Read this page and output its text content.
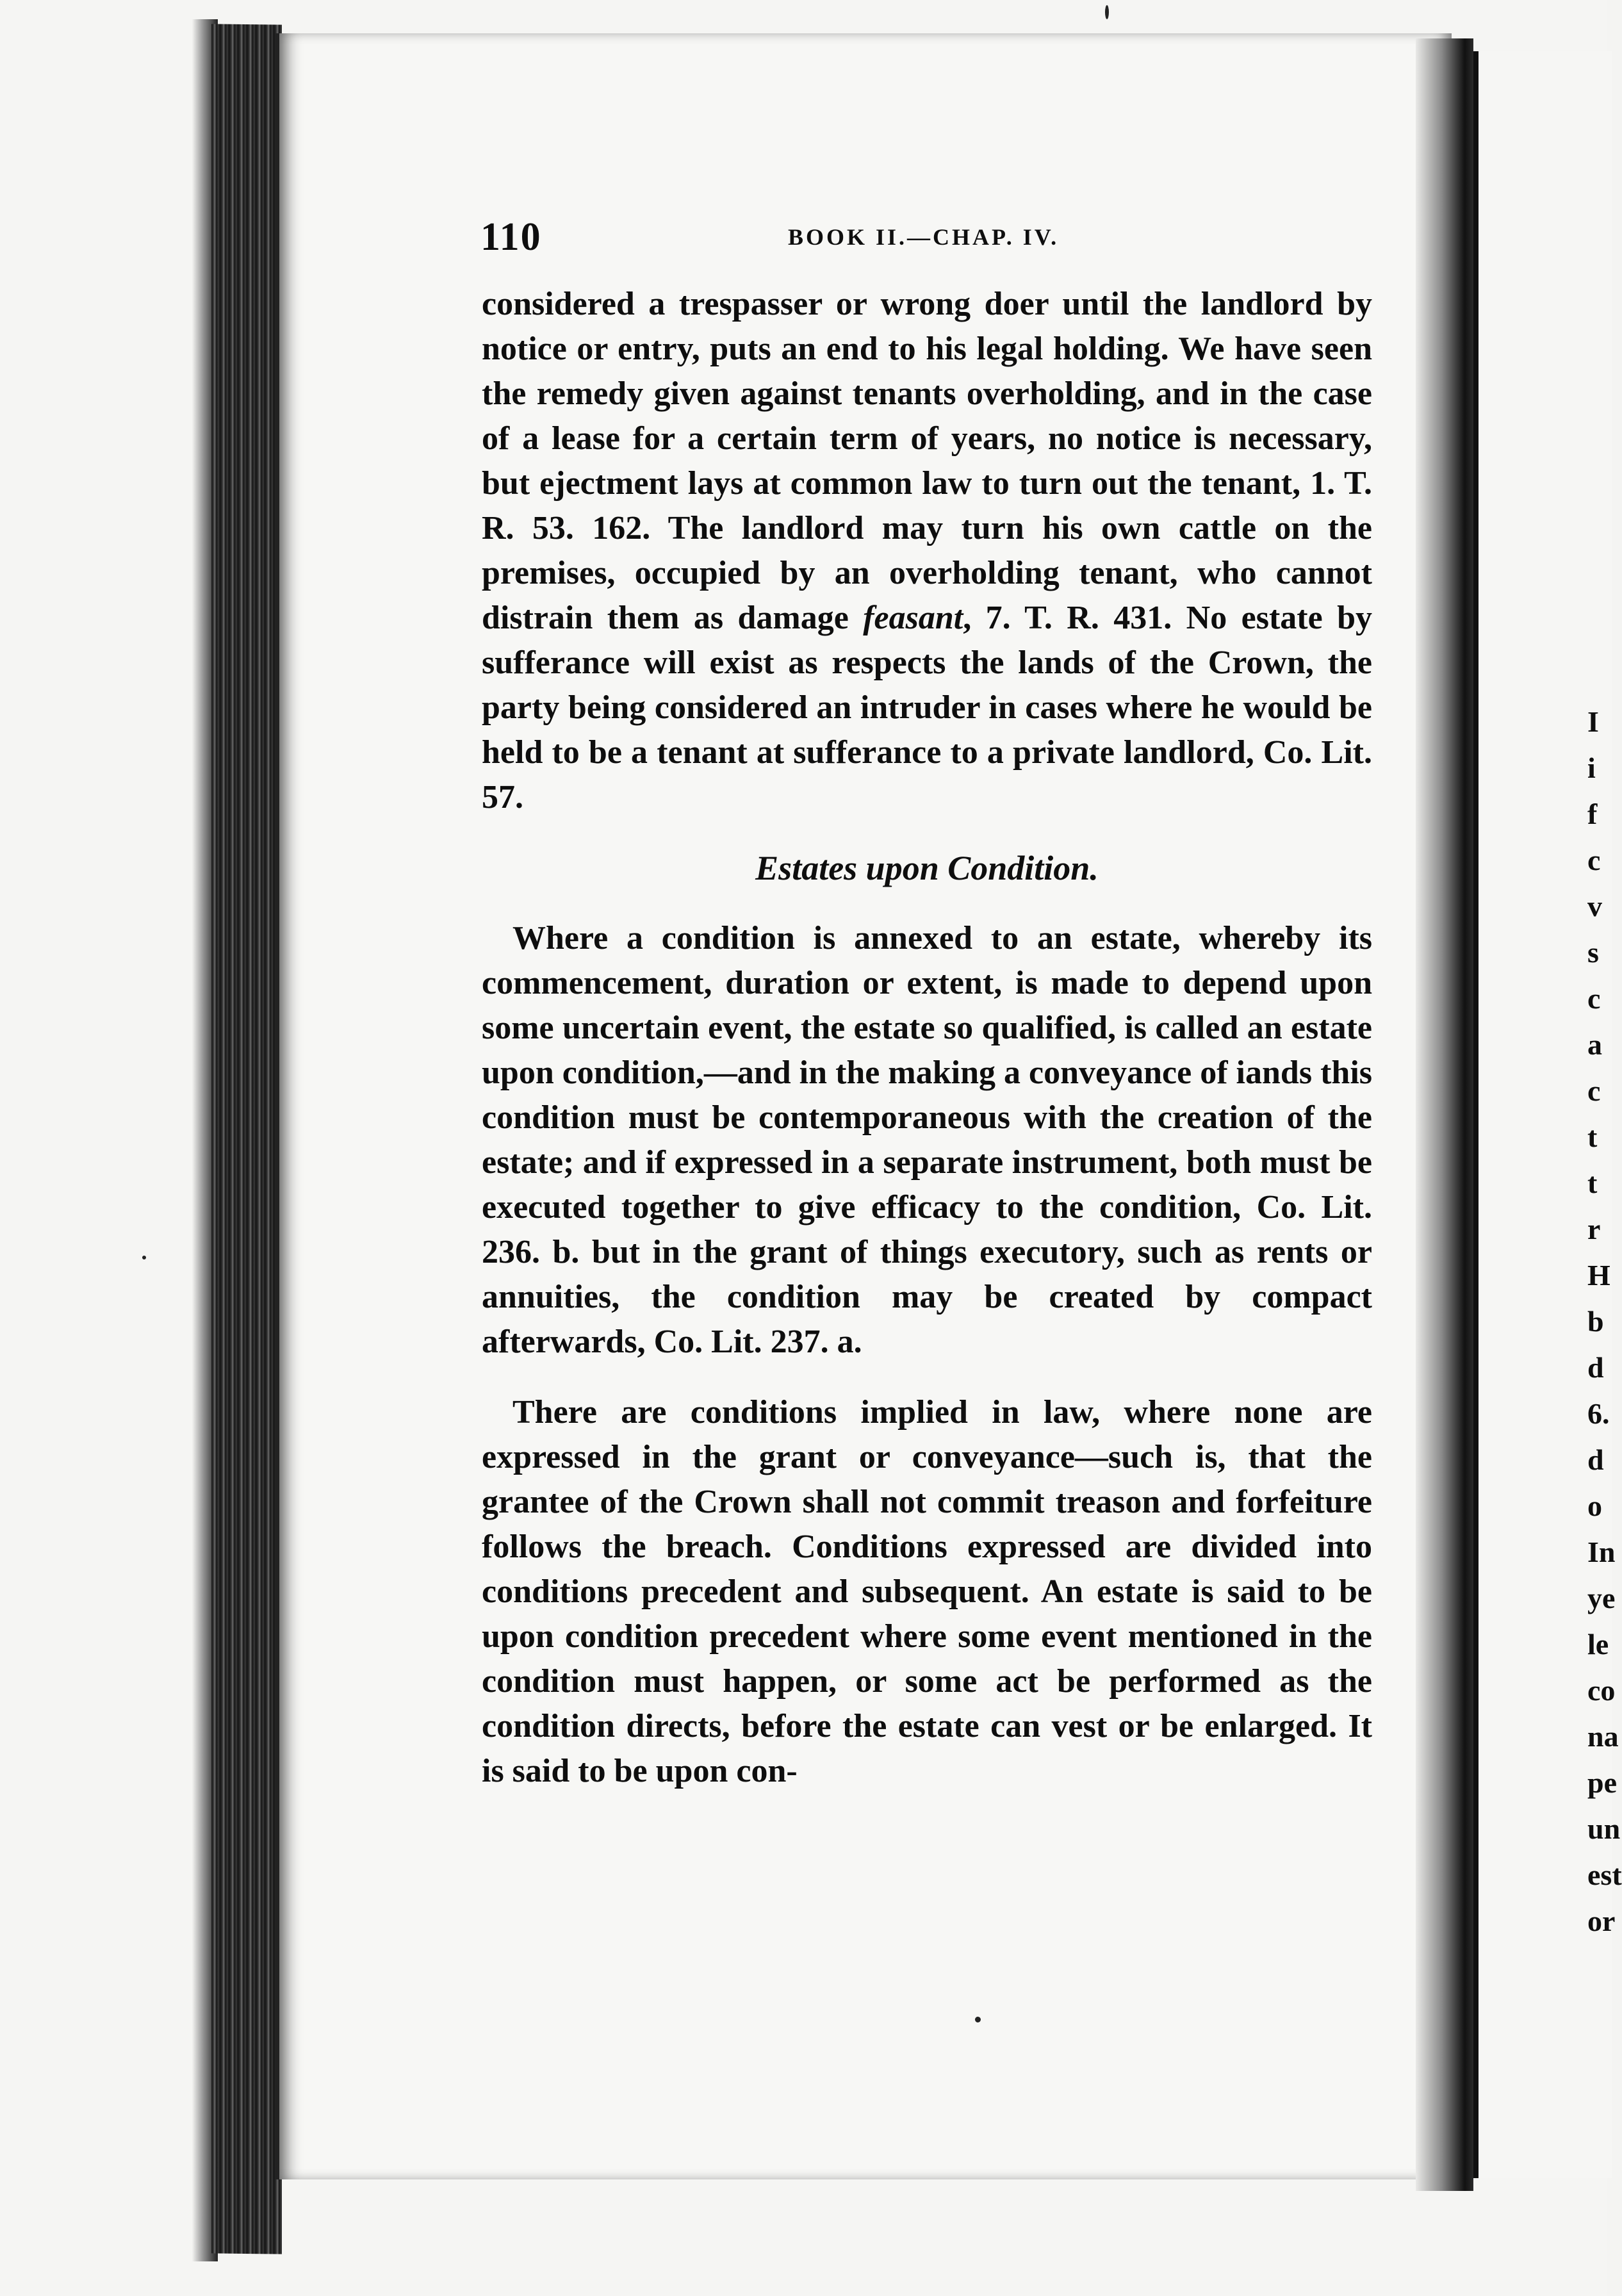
I
i
f
c
v
s
c
a
c
t
t
r
H
b
d
6.
d
o
In
ye
le
co
na
pe
un
est
or
110	BOOK II.—CHAP. IV.

considered a trespasser or wrong doer until the landlord by notice or entry, puts an end to his legal holding. We have seen the remedy given against tenants overholding, and in the case of a lease for a certain term of years, no notice is necessary, but ejectment lays at common law to turn out the tenant, 1. T. R. 53. 162. The landlord may turn his own cattle on the premises, occupied by an overholding tenant, who cannot distrain them as damage feasant, 7. T. R. 431. No estate by sufferance will exist as respects the lands of the Crown, the party being considered an intruder in cases where he would be held to be a tenant at sufferance to a private landlord, Co. Lit. 57.

Estates upon Condition.

Where a condition is annexed to an estate, whereby its commencement, duration or extent, is made to depend upon some uncertain event, the estate so qualified, is called an estate upon condition,—and in the making a conveyance of iands this condition must be contemporaneous with the creation of the estate; and if expressed in a separate instrument, both must be executed together to give efficacy to the condition, Co. Lit. 236. b. but in the grant of things executory, such as rents or annuities, the condition may be created by compact afterwards, Co. Lit. 237. a.

There are conditions implied in law, where none are expressed in the grant or conveyance—such is, that the grantee of the Crown shall not commit treason and forfeiture follows the breach. Conditions expressed are divided into conditions precedent and subsequent. An estate is said to be upon condition precedent where some event mentioned in the condition must happen, or some act be performed as the condition directs, before the estate can vest or be enlarged. It is said to be upon con-
